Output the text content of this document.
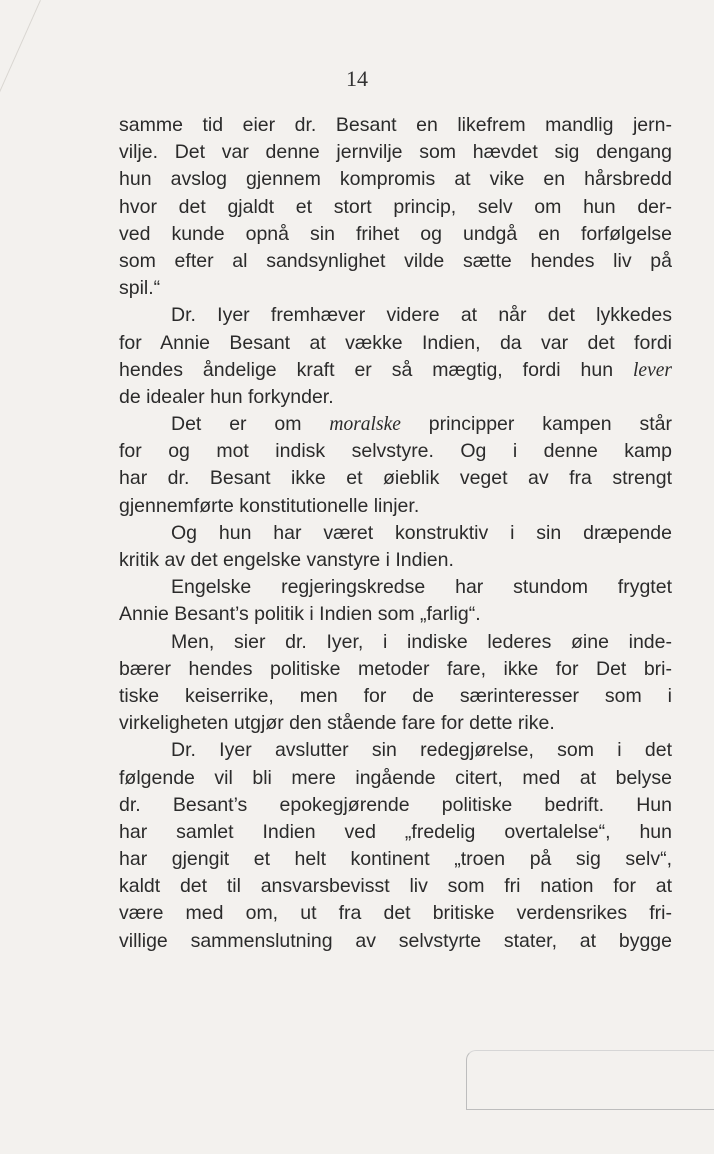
14
samme tid eier dr. Besant en likefrem mandlig jern-
vilje. Det var denne jernvilje som hævdet sig dengang
hun avslog gjennem kompromis at vike en hårsbredd
hvor det gjaldt et stort princip, selv om hun der-
ved kunde opnå sin frihet og undgå en forfølgelse
som efter al sandsynlighet vilde sætte hendes liv på
spil.“
Dr. Iyer fremhæver videre at når det lykkedes
for Annie Besant at vække Indien, da var det fordi
hendes åndelige kraft er så mægtig, fordi hun lever
de idealer hun forkynder.
Det er om moralske principper kampen står
for og mot indisk selvstyre. Og i denne kamp
har dr. Besant ikke et øieblik veget av fra strengt
gjennemførte konstitutionelle linjer.
Og hun har været konstruktiv i sin dræpende
kritik av det engelske vanstyre i Indien.
Engelske regjeringskredse har stundom frygtet
Annie Besant’s politik i Indien som „farlig“.
Men, sier dr. Iyer, i indiske lederes øine inde-
bærer hendes politiske metoder fare, ikke for Det bri-
tiske keiserrike, men for de særinteresser som i
virkeligheten utgjør den stående fare for dette rike.
Dr. Iyer avslutter sin redegjørelse, som i det
følgende vil bli mere ingående citert, med at belyse
dr. Besant’s epokegjørende politiske bedrift. Hun
har samlet Indien ved „fredelig overtalelse“, hun
har gjengit et helt kontinent „troen på sig selv“,
kaldt det til ansvarsbevisst liv som fri nation for at
være med om, ut fra det britiske verdensrikes fri-
villige sammenslutning av selvstyrte stater, at bygge
